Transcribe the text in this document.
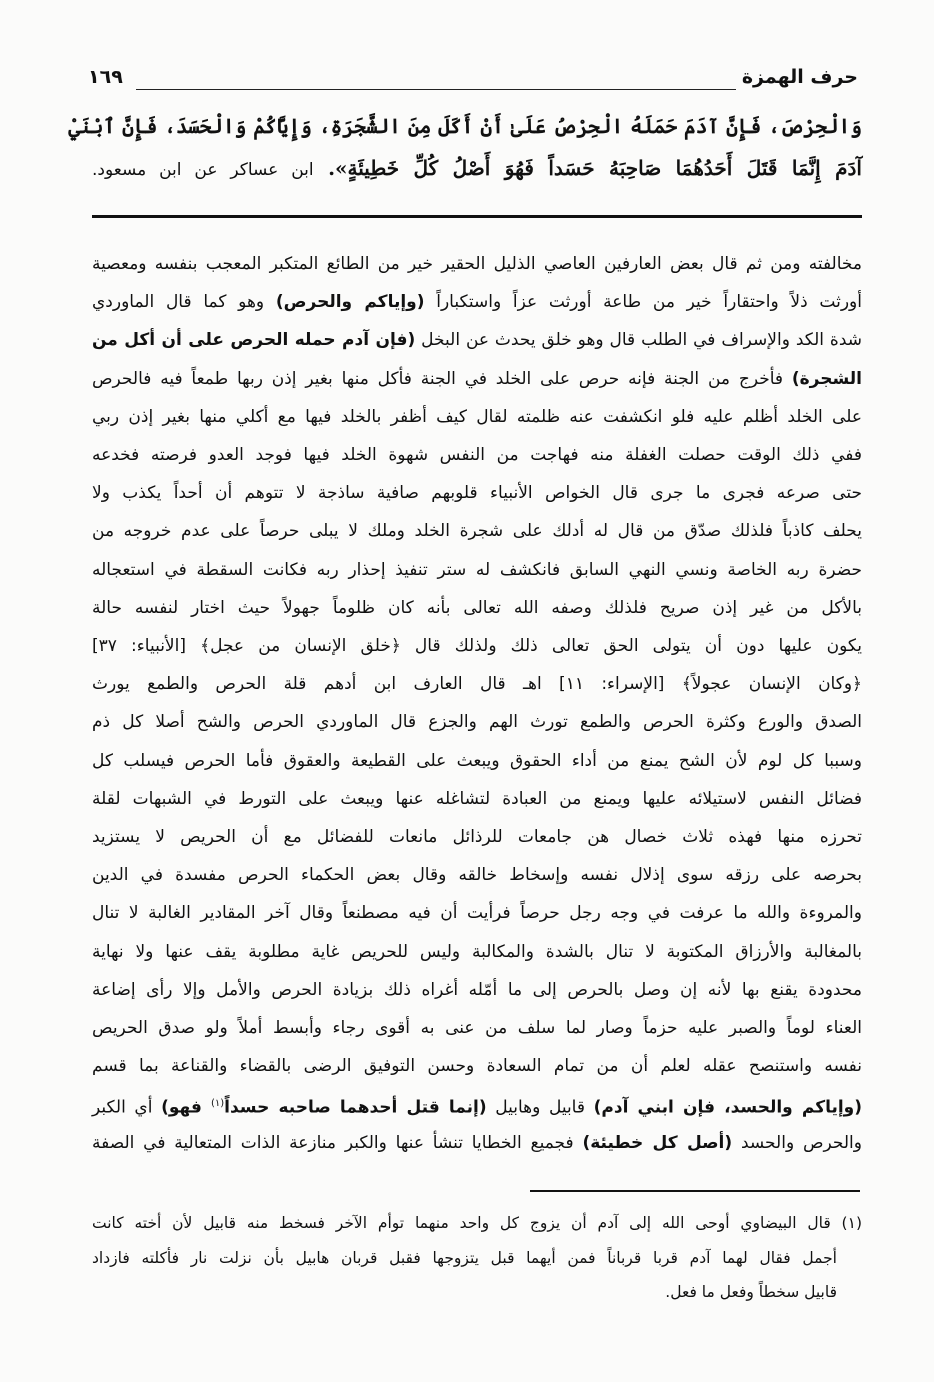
حرف الهمزة
١٦٩
وَالْحِرْصَ، فَإِنَّ آدَمَ حَمَلَهُ الْحِرْصُ عَلَىٰ أَنْ أَكَلَ مِنَ الشَّجَرَةِ، وَإِيَّاكُمْ وَالْحَسَدَ، فَإِنَّ ٱبْنَيْ
آدَمَ إِنَّمَا قَتَلَ أَحَدُهُمَا صَاحِبَهُ حَسَداً فَهُوَ أَصْلُ كُلِّ خَطِيئَةٍ». ابن عساكر عن ابن مسعود.
مخالفته ومن ثم قال بعض العارفين العاصي الذليل الحقير خير من الطائع المتكبر المعجب بنفسه ومعصية
أورثت ذلاً واحتقاراً خير من طاعة أورثت عزاً واستكباراً (وإياكم والحرص) وهو كما قال الماوردي
شدة الكد والإسراف في الطلب قال وهو خلق يحدث عن البخل (فإن آدم حمله الحرص على أن أكل من
الشجرة) فأخرج من الجنة فإنه حرص على الخلد في الجنة فأكل منها بغير إذن ربها طمعاً فيه فالحرص
على الخلد أظلم عليه فلو انكشفت عنه ظلمته لقال كيف أظفر بالخلد فيها مع أكلي منها بغير إذن ربي
ففي ذلك الوقت حصلت الغفلة منه فهاجت من النفس شهوة الخلد فيها فوجد العدو فرصته فخدعه
حتى صرعه فجرى ما جرى قال الخواص الأنبياء قلوبهم صافية ساذجة لا تتوهم أن أحداً يكذب ولا
يحلف كاذباً فلذلك صدّق من قال له أدلك على شجرة الخلد وملك لا يبلى حرصاً على عدم خروجه من
حضرة ربه الخاصة ونسي النهي السابق فانكشف له ستر تنفيذ إحذار ربه فكانت السقطة في استعجاله
بالأكل من غير إذن صريح فلذلك وصفه الله تعالى بأنه كان ظلوماً جهولاً حيث اختار لنفسه حالة
يكون عليها دون أن يتولى الحق تعالى ذلك ولذلك قال ﴿خلق الإنسان من عجل﴾ [الأنبياء: ٣٧]
﴿وكان الإنسان عجولاً﴾ [الإسراء: ١١] اهـ قال العارف ابن أدهم قلة الحرص والطمع يورث
الصدق والورع وكثرة الحرص والطمع تورث الهم والجزع قال الماوردي الحرص والشح أصلا كل ذم
وسببا كل لوم لأن الشح يمنع من أداء الحقوق ويبعث على القطيعة والعقوق فأما الحرص فيسلب كل
فضائل النفس لاستيلائه عليها ويمنع من العبادة لتشاغله عنها ويبعث على التورط في الشبهات لقلة
تحرزه منها فهذه ثلاث خصال هن جامعات للرذائل مانعات للفضائل مع أن الحريص لا يستزيد
بحرصه على رزقه سوى إذلال نفسه وإسخاط خالقه وقال بعض الحكماء الحرص مفسدة في الدين
والمروءة والله ما عرفت في وجه رجل حرصاً فرأيت أن فيه مصطنعاً وقال آخر المقادير الغالبة لا تنال
بالمغالبة والأرزاق المكتوبة لا تنال بالشدة والمكالبة وليس للحريص غاية مطلوبة يقف عنها ولا نهاية
محدودة يقنع بها لأنه إن وصل بالحرص إلى ما أمّله أغراه ذلك بزيادة الحرص والأمل وإلا رأى إضاعة
العناء لوماً والصبر عليه حزماً وصار لما سلف من عنى به أقوى رجاء وأبسط أملاً ولو صدق الحريص
نفسه واستنصح عقله لعلم أن من تمام السعادة وحسن التوفيق الرضى بالقضاء والقناعة بما قسم
(وإياكم والحسد، فإن ابني آدم) قابيل وهابيل (إنما قتل أحدهما صاحبه حسداً$^{(١)}$ فهو) أي الكبر
والحرص والحسد (أصل كل خطيئة) فجميع الخطايا تنشأ عنها والكبر منازعة الذات المتعالية في الصفة
(١) قال البيضاوي أوحى الله إلى آدم أن يزوج كل واحد منهما توأم الآخر فسخط منه قابيل لأن أخته كانت
أجمل فقال لهما آدم قربا قرباناً فمن أيهما قبل يتزوجها فقبل قربان هابيل بأن نزلت نار فأكلته فازداد
قابيل سخطاً وفعل ما فعل.
